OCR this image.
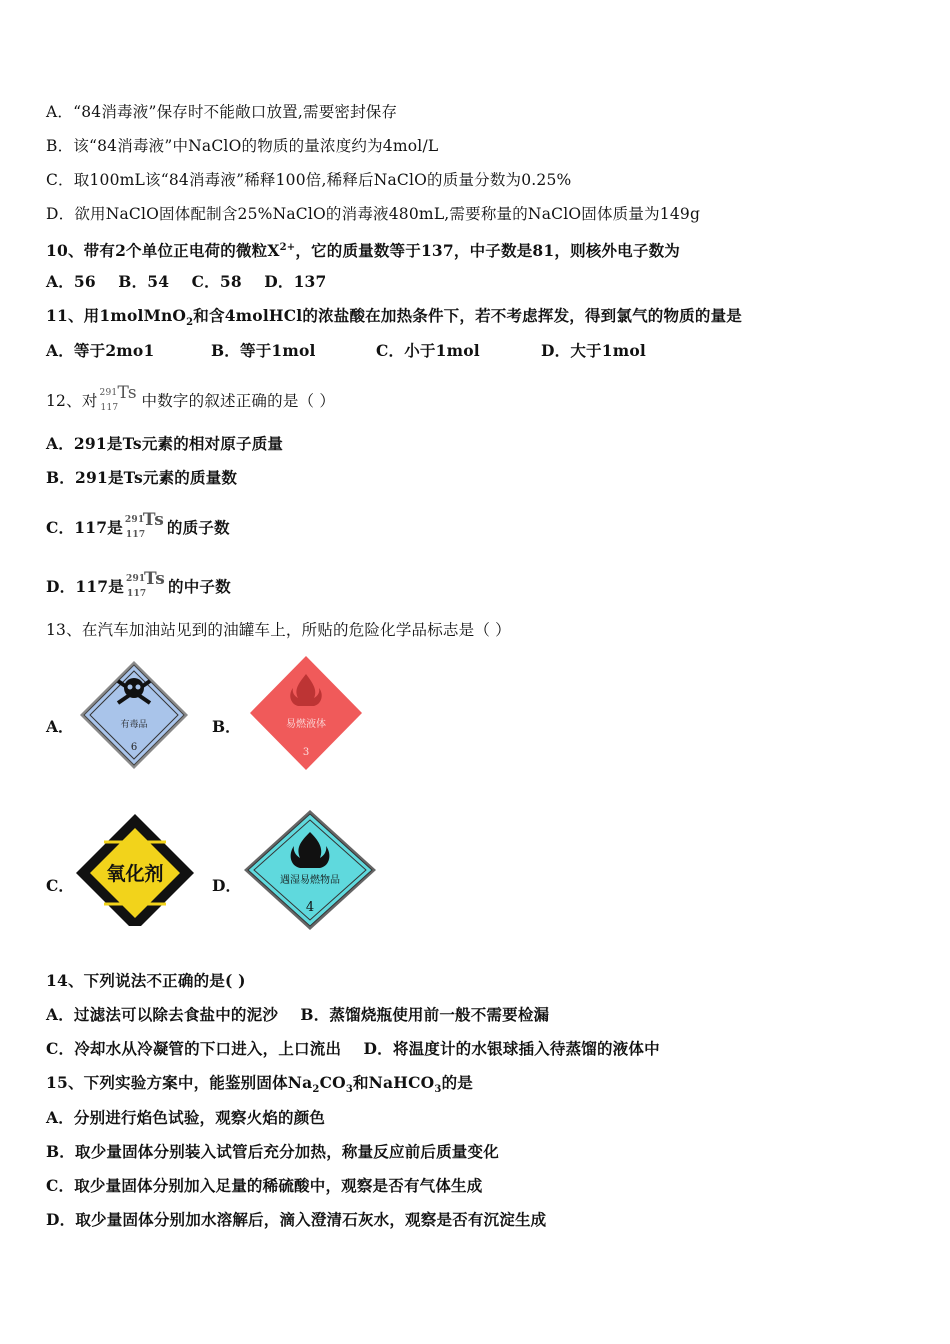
A．“84消毒液”保存时不能敞口放置,需要密封保存
B．该“84消毒液”中NaClO的物质的量浓度约为4mol/L
C．取100mL该“84消毒液”稀释100倍,稀释后NaClO的质量分数为0.25%
D．欲用NaClO固体配制含25%NaClO的消毒液480mL,需要称量的NaClO固体质量为149g
10、带有2个单位正电荷的微粒$X^{2+}$，它的质量数等于137，中子数是81，则核外电子数为
A．56    B．54    C．58    D．137
11、用1molMnO$_2$和含4molHCl的浓盐酸在加热条件下，若不考虑挥发，得到氯气的物质的量是
A．等于2mo1	B．等于1mol	C．小于1mol	D．大于1mol
12、对 291
117
Ts 中数字的叙述正确的是（ ）
A．291是Ts元素的相对原子质量
B．291是Ts元素的质量数
C．117是 291
117
Ts 的质子数
D．117是 291
117
Ts 的中子数
13、在汽车加油站见到的油罐车上，所贴的危险化学品标志是（ ）
A．	有毒品
6
B．	易燃液体
3
C．
氧化剂
D．	遇湿易燃物品
4
14、下列说法不正确的是( )
A．过滤法可以除去食盐中的泥沙    B．蒸馏烧瓶使用前一般不需要检漏
C．冷却水从冷凝管的下口进入，上口流出    D．将温度计的水银球插入待蒸馏的液体中
15、下列实验方案中，能鉴别固体$Na_2CO_3$和NaHCO$_3$的是
A．分别进行焰色试验，观察火焰的颜色
B．取少量固体分别装入试管后充分加热，称量反应前后质量变化
C．取少量固体分别加入足量的稀硫酸中，观察是否有气体生成
D．取少量固体分别加水溶解后，滴入澄清石灰水，观察是否有沉淀生成
